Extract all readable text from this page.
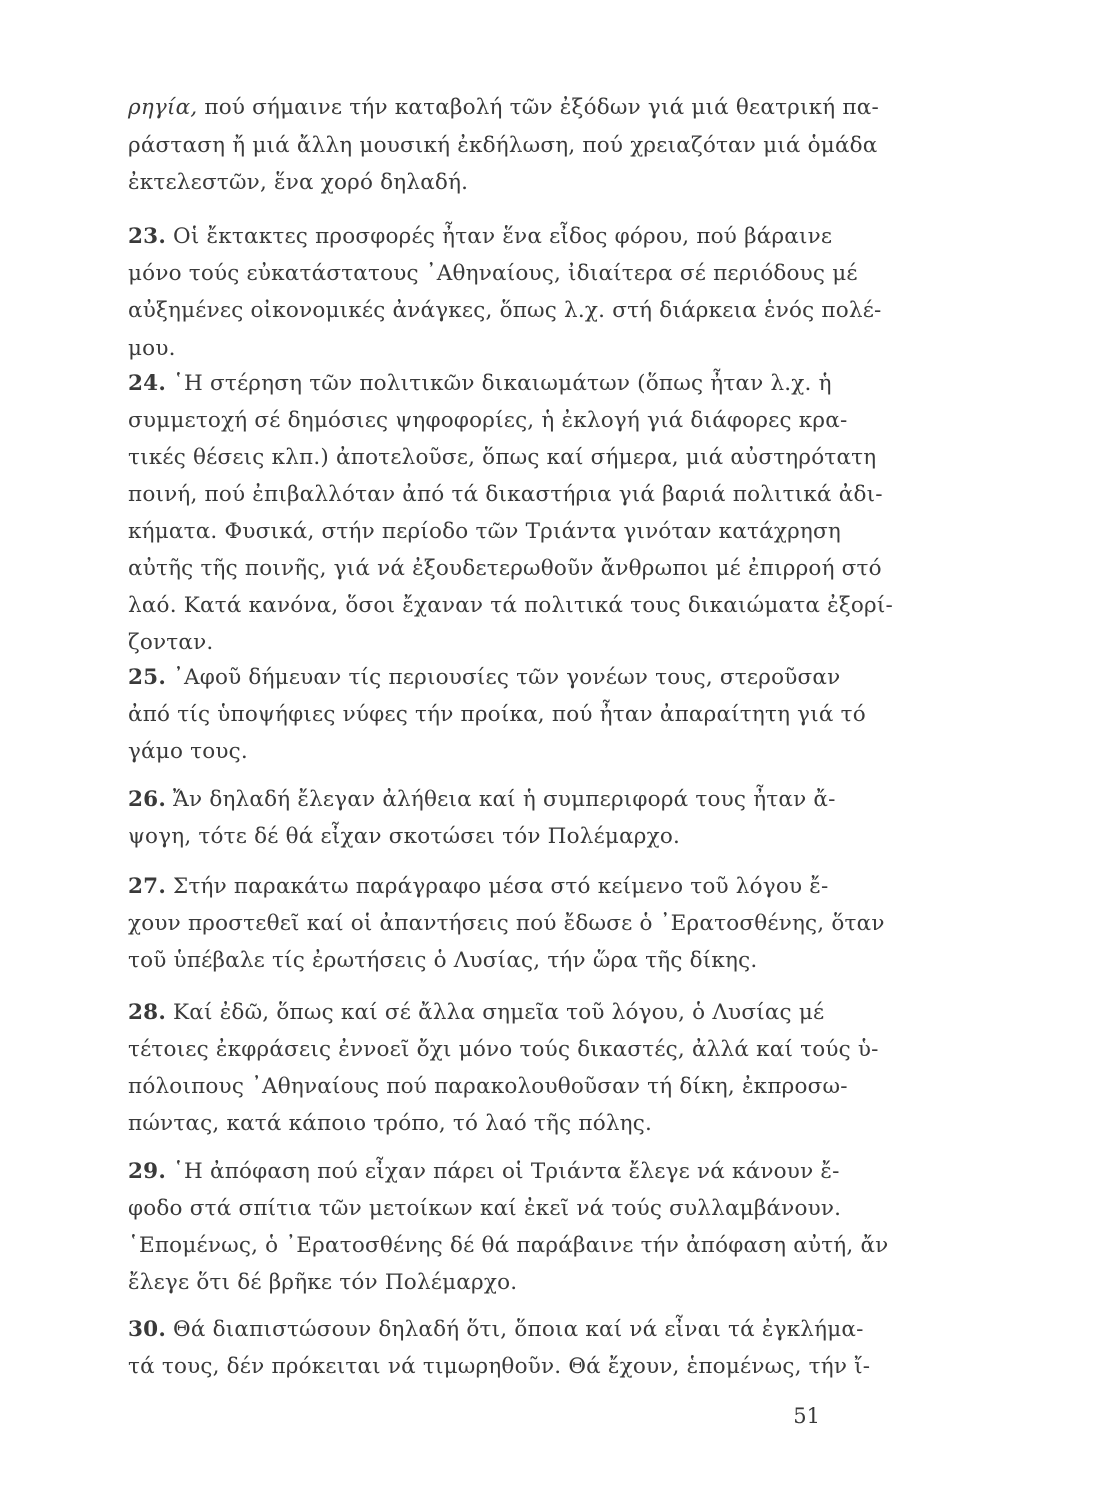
ρηγία, πού σήμαινε τήν καταβολή τῶν ἐξόδων γιά μιά θεατρική πα-
ράσταση ἤ μιά ἄλλη μουσική ἐκδήλωση, πού χρειαζόταν μιά ὁμάδα
ἐκτελεστῶν, ἕνα χορό δηλαδή.
23. Οἱ ἔκτακτες προσφορές ἦταν ἕνα εἶδος φόρου, πού βάραινε
μόνο τούς εὐκατάστατους ᾿Αθηναίους, ἰδιαίτερα σέ περιόδους μέ
αὐξημένες οἰκονομικές ἀνάγκες, ὅπως λ.χ. στή διάρκεια ἑνός πολέ-
μου.
24. ῾Η στέρηση τῶν πολιτικῶν δικαιωμάτων (ὅπως ἦταν λ.χ. ἡ
συμμετοχή σέ δημόσιες ψηφοφορίες, ἡ ἐκλογή γιά διάφορες κρα-
τικές θέσεις κλπ.) ἀποτελοῦσε, ὅπως καί σήμερα, μιά αὐστηρότατη
ποινή, πού ἐπιβαλλόταν ἀπό τά δικαστήρια γιά βαριά πολιτικά ἀδι-
κήματα. Φυσικά, στήν περίοδο τῶν Τριάντα γινόταν κατάχρηση
αὐτῆς τῆς ποινῆς, γιά νά ἐξουδετερωθοῦν ἄνθρωποι μέ ἐπιρροή στό
λαό. Κατά κανόνα, ὅσοι ἔχαναν τά πολιτικά τους δικαιώματα ἐξορί-
ζονταν.
25. ᾿Αφοῦ δήμευαν τίς περιουσίες τῶν γονέων τους, στεροῦσαν
ἀπό τίς ὑποψήφιες νύφες τήν προίκα, πού ἦταν ἀπαραίτητη γιά τό
γάμο τους.
26. Ἄν δηλαδή ἔλεγαν ἀλήθεια καί ἡ συμπεριφορά τους ἦταν ἄ-
ψογη, τότε δέ θά εἶχαν σκοτώσει τόν Πολέμαρχο.
27. Στήν παρακάτω παράγραφο μέσα στό κείμενο τοῦ λόγου ἔ-
χουν προστεθεῖ καί οἱ ἀπαντήσεις πού ἔδωσε ὁ ᾿Ερατοσθένης, ὅταν
τοῦ ὑπέβαλε τίς ἐρωτήσεις ὁ Λυσίας, τήν ὥρα τῆς δίκης.
28. Καί ἐδῶ, ὅπως καί σέ ἄλλα σημεῖα τοῦ λόγου, ὁ Λυσίας μέ
τέτοιες ἐκφράσεις ἐννοεῖ ὄχι μόνο τούς δικαστές, ἀλλά καί τούς ὑ-
πόλοιπους ᾿Αθηναίους πού παρακολουθοῦσαν τή δίκη, ἐκπροσω-
πώντας, κατά κάποιο τρόπο, τό λαό τῆς πόλης.
29. ῾Η ἀπόφαση πού εἶχαν πάρει οἱ Τριάντα ἔλεγε νά κάνουν ἔ-
φοδο στά σπίτια τῶν μετοίκων καί ἐκεῖ νά τούς συλλαμβάνουν.
῾Επομένως, ὁ ᾿Ερατοσθένης δέ θά παράβαινε τήν ἀπόφαση αὐτή, ἄν
ἔλεγε ὅτι δέ βρῆκε τόν Πολέμαρχο.
30. Θά διαπιστώσουν δηλαδή ὅτι, ὅποια καί νά εἶναι τά ἐγκλήμα-
τά τους, δέν πρόκειται νά τιμωρηθοῦν. Θά ἔχουν, ἑπομένως, τήν ἴ-
51
